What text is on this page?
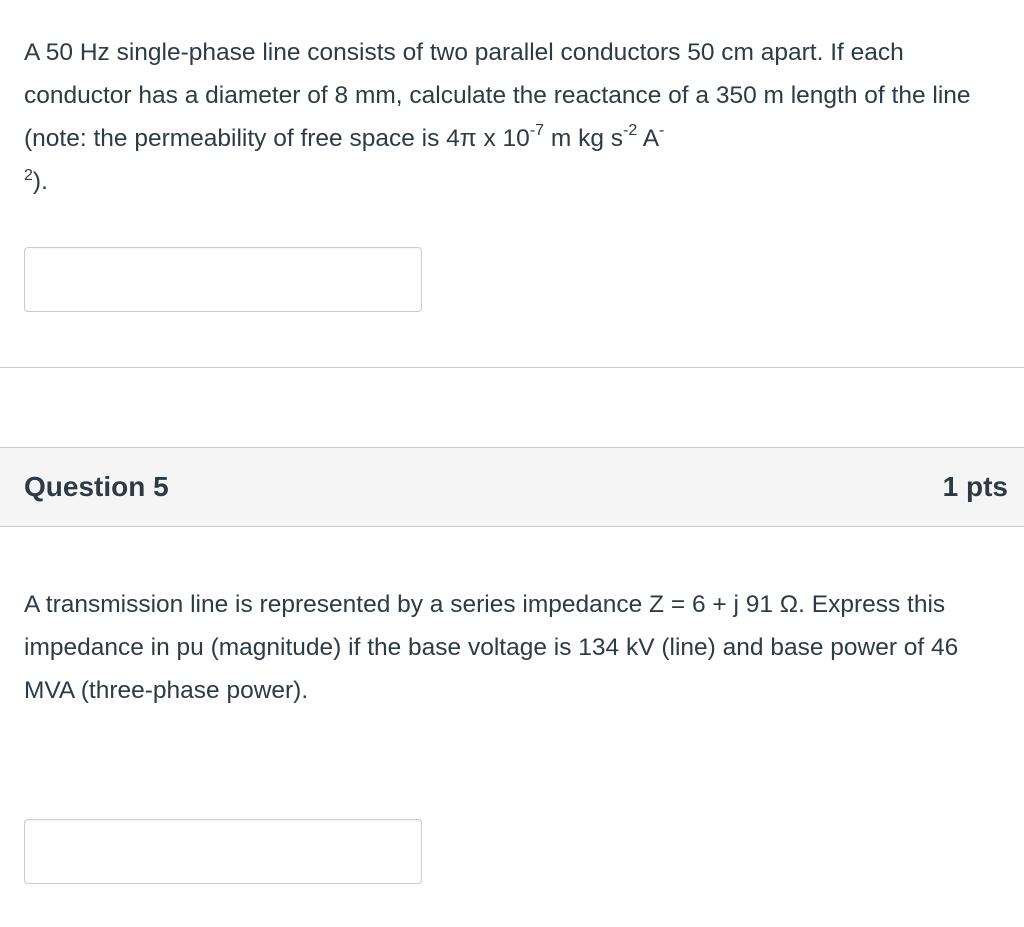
A 50 Hz single-phase line consists of two parallel conductors 50 cm apart. If each conductor has a diameter of 8 mm, calculate the reactance of a 350 m length of the line (note: the permeability of free space is 4π x $10^{-7}$ m kg $s^{-2}$ A-
$^2$).
Question 5	1 pts
A transmission line is represented by a series impedance Z = 6 + j 91 Ω. Express this impedance in pu (magnitude) if the base voltage is 134 kV (line) and base power of 46 MVA (three-phase power).
